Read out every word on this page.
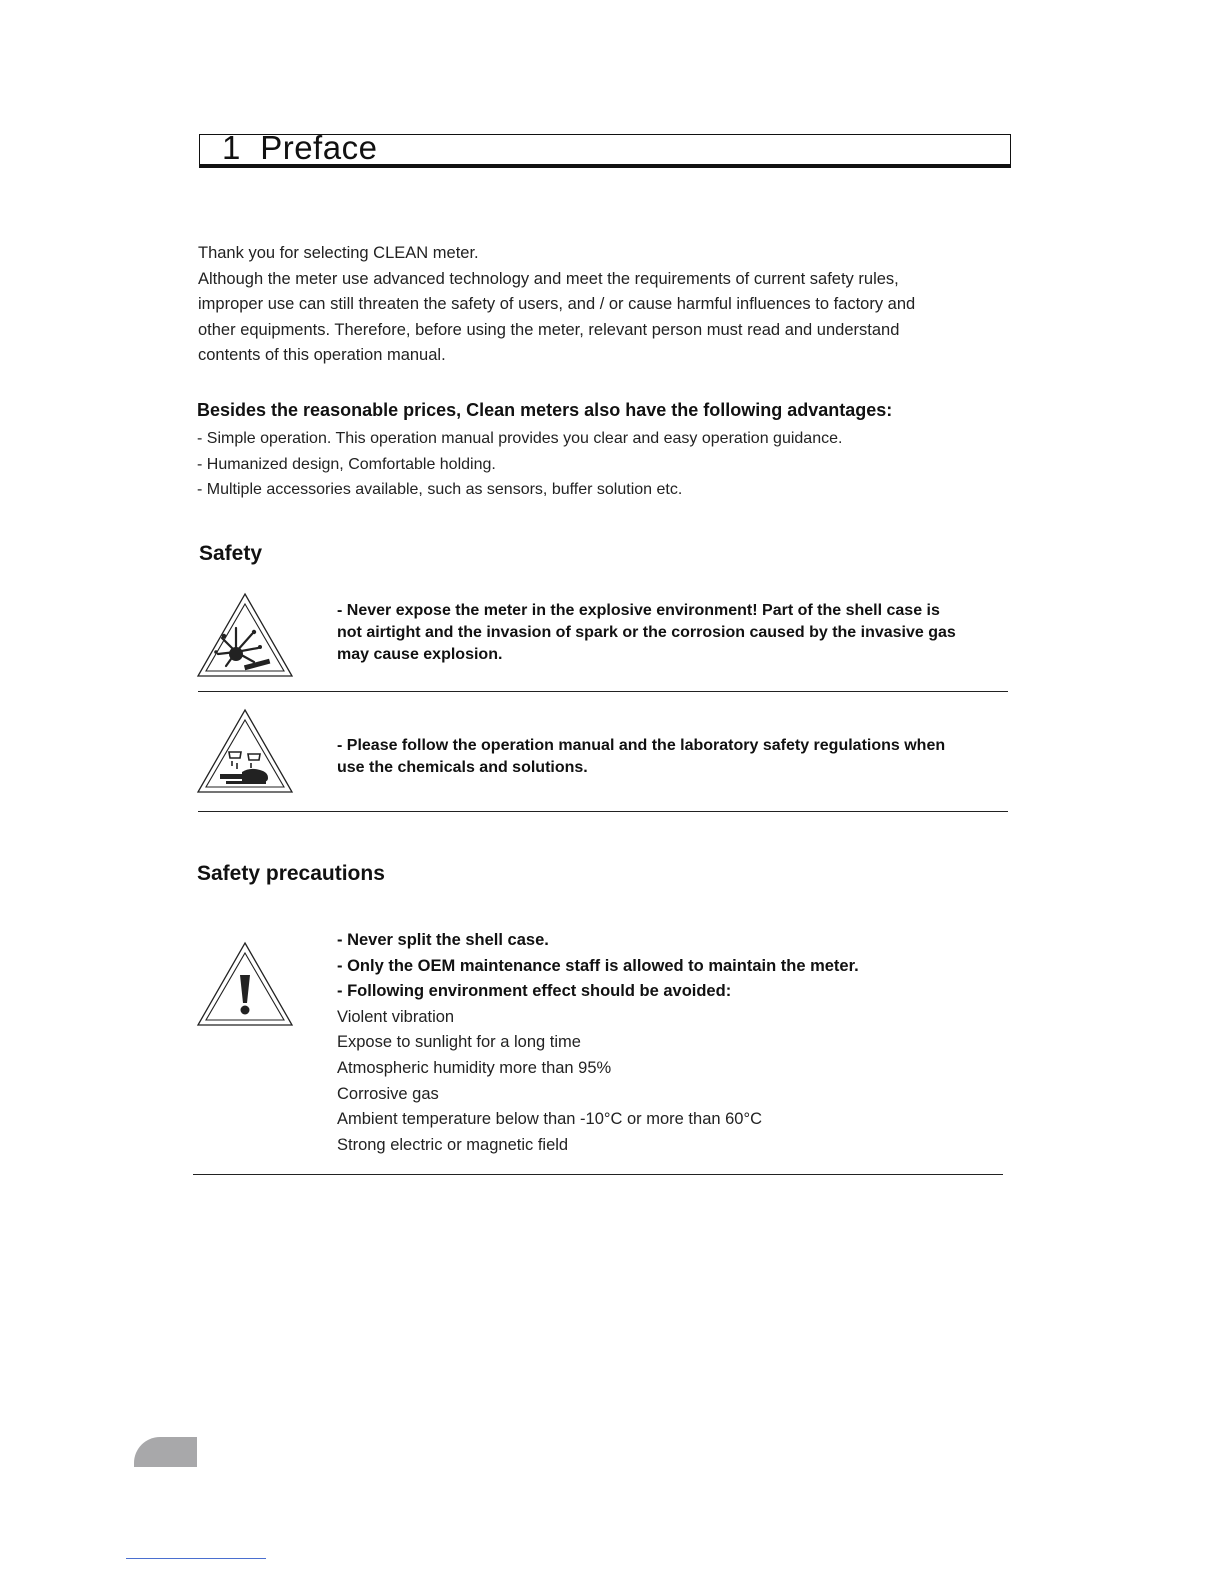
1 Preface

Thank you for selecting CLEAN meter.

Although the meter use advanced technology and meet the requirements of current safety rules,

improper use can still threaten the safety of users, and / or cause harmful influences to factory and

other equipments. Therefore, before using the meter, relevant person must read and understand

contents of this operation manual.

Besides the reasonable prices, Clean meters also have the following advantages:
- Simple operation. This operation manual provides you clear and easy operation guidance.
- Humanized design, Comfortable holding.
- Multiple accessories available, such as sensors, buffer solution etc.
Safety

- Never expose the meter in the explosive environment! Part of the shell case is

not airtight and the invasion of spark or the corrosion caused by the invasive gas

may cause explosion.

- Please follow the operation manual and the laboratory safety regulations when

use the chemicals and solutions.

Safety precautions
- Never split the shell case.
- Only the OEM maintenance staff is allowed to maintain the meter.
- Following environment effect should be avoided:
Violent vibration
Expose to sunlight for a long time
Atmospheric humidity more than 95%
Corrosive gas
Ambient temperature below than -10°C or more than 60°C
Strong electric or magnetic field
